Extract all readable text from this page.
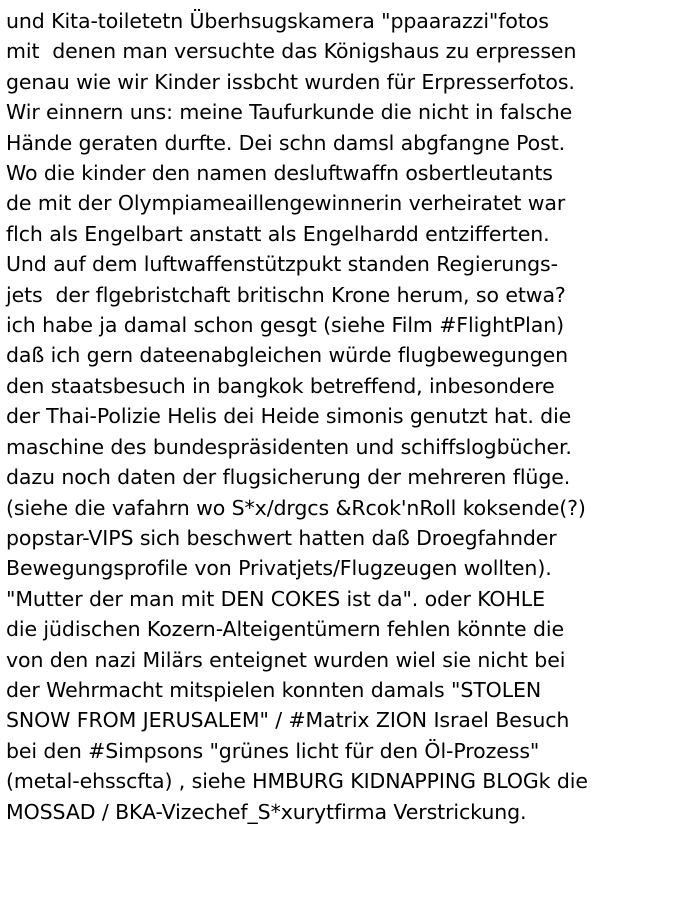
und Kita-toiletetn Überhsugskamera "ppaarazzi"fotos
mit  denen man versuchte das Königshaus zu erpressen
genau wie wir Kinder issbcht wurden für Erpresserfotos.
Wir einnern uns: meine Taufurkunde die nicht in falsche
Hände geraten durfte. Dei schn damsl abgfangne Post.
Wo die kinder den namen desluftwaffn osbertleutants
de mit der Olympiameaillengewinnerin verheiratet war
flch als Engelbart anstatt als Engelhardd entzifferten.
Und auf dem luftwaffenstützpukt standen Regierungs-
jets  der flgebristchaft britischn Krone herum, so etwa?
ich habe ja damal schon gesgt (siehe Film #FlightPlan)
daß ich gern dateenabgleichen würde flugbewegungen
den staatsbesuch in bangkok betreffend, inbesondere
der Thai-Polizie Helis dei Heide simonis genutzt hat. die
maschine des bundespräsidenten und schiffslogbücher.
dazu noch daten der flugsicherung der mehreren flüge.
(siehe die vafahrn wo S*x/drgcs &Rcok'nRoll koksende(?)
popstar-VIPS sich beschwert hatten daß Droegfahnder
Bewegungsprofile von Privatjets/Flugzeugen wollten).
"Mutter der man mit DEN COKES ist da". oder KOHLE
die jüdischen Kozern-Alteigentümern fehlen könnte die
von den nazi Milärs enteignet wurden wiel sie nicht bei
der Wehrmacht mitspielen konnten damals "STOLEN
SNOW FROM JERUSALEM" / #Matrix ZION Israel Besuch
bei den #Simpsons "grünes licht für den Öl-Prozess"
(metal-ehsscfta) , siehe HMBURG KIDNAPPING BLOGk die
MOSSAD / BKA-Vizechef_S*xurytfirma Verstrickung.
